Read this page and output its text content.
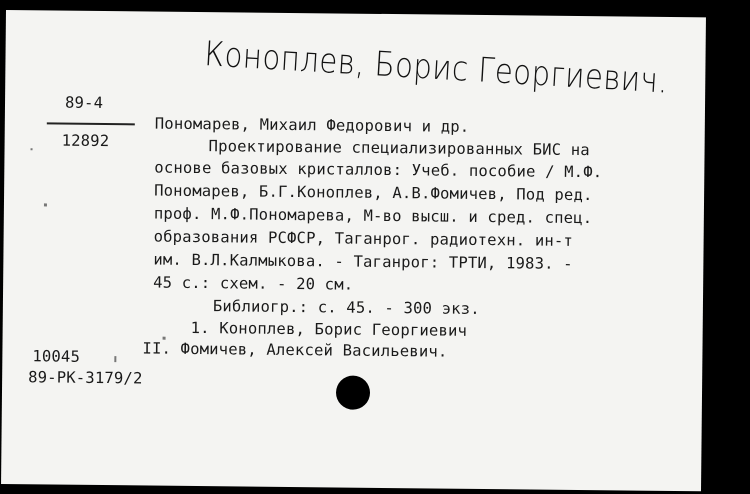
Коноплев, Борис Георгиевич.
89-4
12892
Пономарев, Михаил Федорович и др.
Проектирование специализированных БИС на
основе базовых кристаллов: Учеб. пособие / М.Ф.
Пономарев, Б.Г.Коноплев, А.В.Фомичев, Под ред.
проф. М.Ф.Пономарева, М-во высш. и сред. спец.
образования РСФСР, Таганрог. радиотехн. ин-т
им. В.Л.Калмыкова. - Таганрог: ТРТИ, 1983. -
45 с.: схем. - 20 см.
Библиогр.: с. 45. - 300 экз.
1. Коноплев, Борис Георгиевич
II. Фомичев, Алексей Васильевич.
10045
89-PK-3179/2
